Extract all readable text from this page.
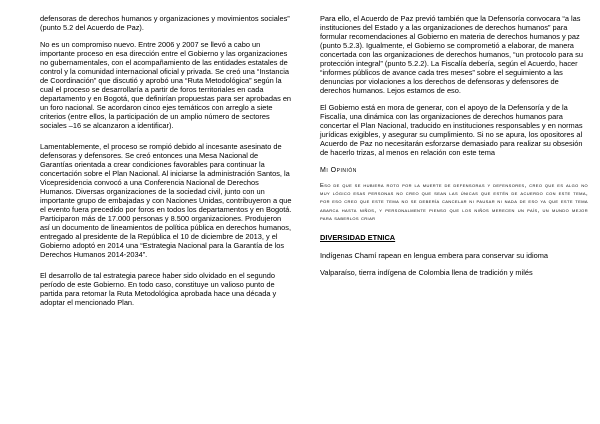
defensoras de derechos humanos y organizaciones y movimientos sociales” (punto 5.2 del Acuerdo de Paz).

No es un compromiso nuevo. Entre 2006 y 2007 se llevó a cabo un importante proceso en esa dirección entre el Gobierno y las organizaciones no gubernamentales, con el acompañamiento de las entidades estatales de control y la comunidad internacional oficial y privada. Se creó una “Instancia de Coordinación” que discutió y aprobó una “Ruta Metodológica” según la cual el proceso se desarrollaría a partir de foros territoriales en cada departamento y en Bogotá, que definirían propuestas para ser aprobadas en un foro nacional. Se acordaron cinco ejes temáticos con arreglo a siete criterios (entre ellos, la participación de un amplio número de sectores sociales –16 se alcanzaron a identificar).

Lamentablemente, el proceso se rompió debido al incesante asesinato de defensoras y defensores. Se creó entonces una Mesa Nacional de Garantías orientada a crear condiciones favorables para continuar la concertación sobre el Plan Nacional. Al iniciarse la administración Santos, la Vicepresidencia convocó a una Conferencia Nacional de Derechos Humanos. Diversas organizaciones de la sociedad civil, junto con un importante grupo de embajadas y con Naciones Unidas, contribuyeron a que el evento fuera precedido por foros en todos los departamentos y en Bogotá. Participaron más de 17.000 personas y 8.500 organizaciones. Produjeron así un documento de lineamientos de política pública en derechos humanos, entregado al presidente de la República el 10 de diciembre de 2013, y el Gobierno adoptó en 2014 una “Estrategia Nacional para la Garantía de los Derechos Humanos 2014-2034”.

El desarrollo de tal estrategia parece haber sido olvidado en el segundo período de este Gobierno. En todo caso, constituye un valioso punto de partida para retomar la Ruta Metodológica aprobada hace una década y adoptar el mencionado Plan.

Para ello, el Acuerdo de Paz previó también que la Defensoría convocara “a las instituciones del Estado y a las organizaciones de derechos humanos” para formular recomendaciones al Gobierno en materia de derechos humanos y paz (punto 5.2.3). Igualmente, el Gobierno se comprometió a elaborar, de manera concertada con las organizaciones de derechos humanos, “un protocolo para su protección integral” (punto 5.2.2). La Fiscalía debería, según el Acuerdo, hacer “informes públicos de avance cada tres meses” sobre el seguimiento a las denuncias por violaciones a los derechos de defensoras y defensores de derechos humanos. Lejos estamos de eso.

El Gobierno está en mora de generar, con el apoyo de la Defensoría y de la Fiscalía, una dinámica con las organizaciones de derechos humanos para concertar el Plan Nacional, traducido en instituciones responsables y en normas jurídicas exigibles, y asegurar su cumplimiento. Si no se apura, los opositores al Acuerdo de Paz no necesitarán esforzarse demasiado para realizar su obsesión de hacerlo trizas, al menos en relación con este tema

Mi Opinión

Eso de que se hubiera roto por la muerte de defensoras y defensores, creo que es algo no muy lógico esas personas no creo que sean las únicas que estén de acuerdo con este tema, por eso creo que este tema no se debería cancelar ni pausar ni nada de eso ya que este tema abarca hasta niños, y personalmente pienso que los niños merecen un país, un mundo mejor para saberlos criar

DIVERSIDAD ETNICA

Indígenas Chamí rapean en lengua embera para conservar su idioma

Valparaíso, tierra indígena de Colombia llena de tradición y milés
